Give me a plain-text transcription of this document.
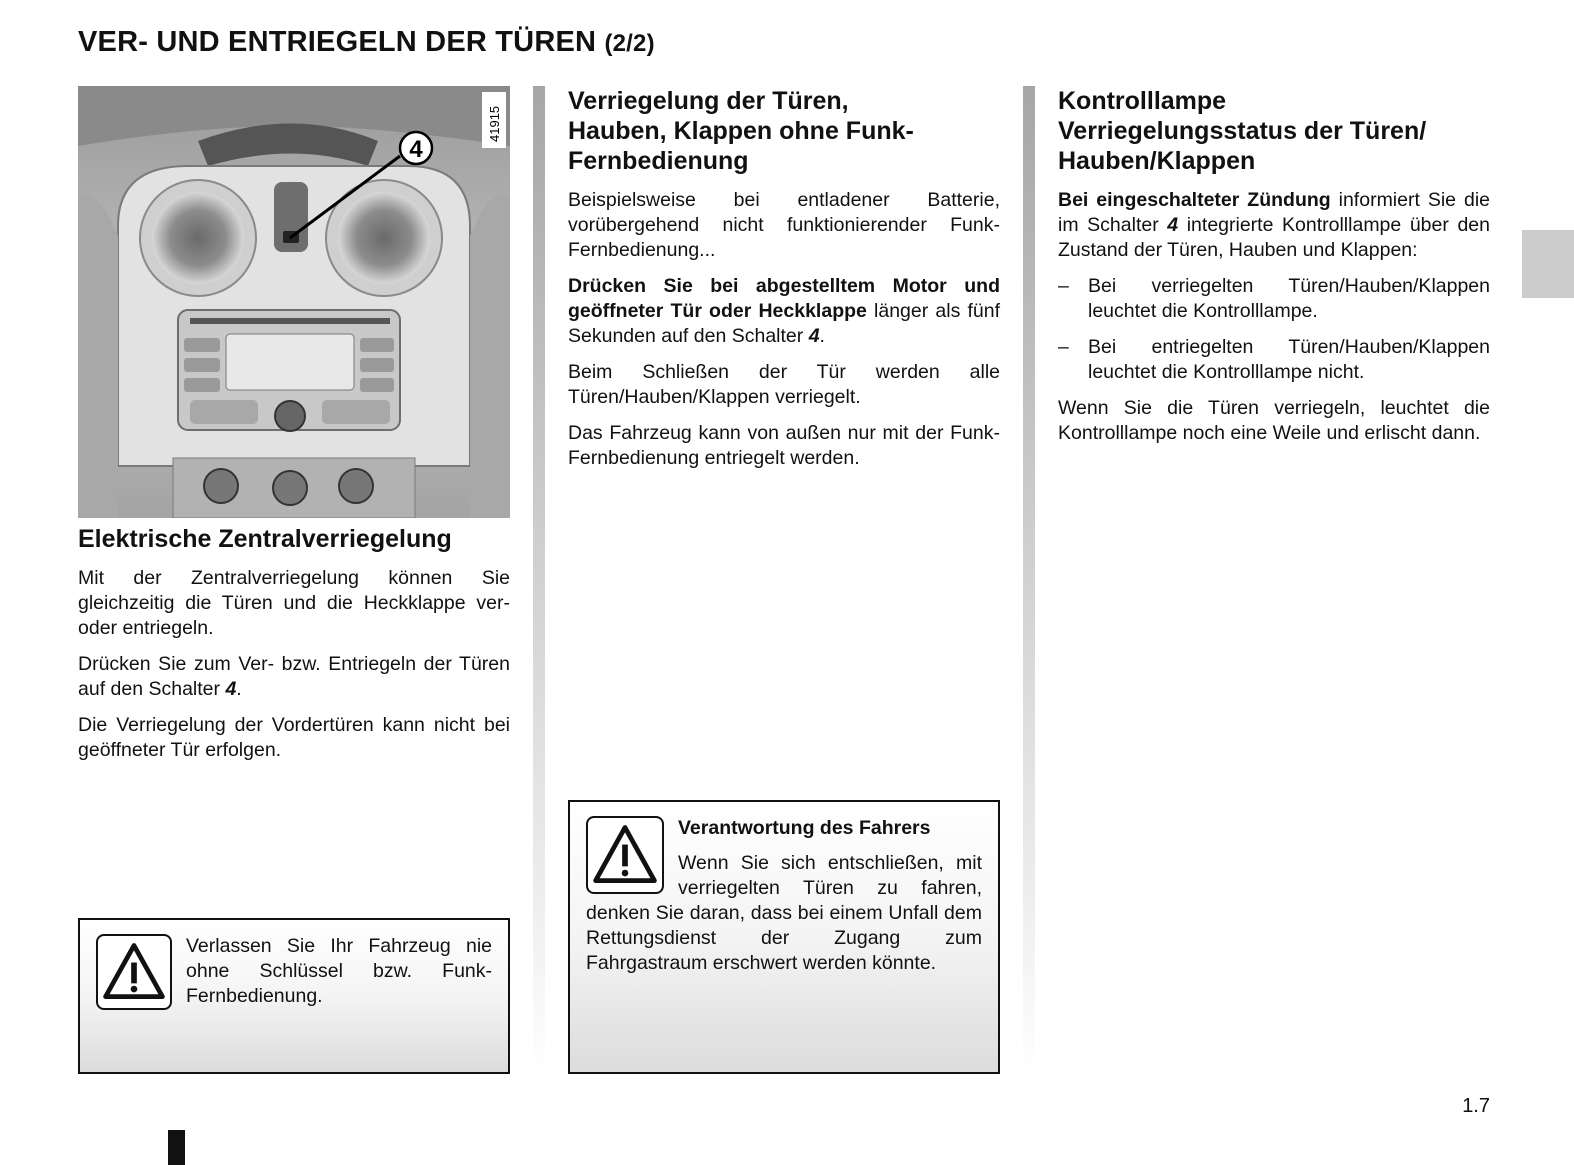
VER- UND ENTRIEGELN DER TÜREN (2/2)
4
41915
Elektrische Zentralverriegelung

Mit der Zentralverriegelung können Sie gleichzeitig die Türen und die Heckklappe ver- oder entriegeln.

Drücken Sie zum Ver- bzw. Entriegeln der Türen auf den Schalter 4.

Die Verriegelung der Vordertüren kann nicht bei geöffneter Tür erfolgen.

Verlassen Sie Ihr Fahrzeug nie ohne Schlüssel bzw. Funk-Fernbedienung.

Verriegelung der Türen,
Hauben, Klappen ohne Funk-
Fernbedienung

Beispielsweise bei entladener Batterie, vorübergehend nicht funktionierender Funk-Fernbedienung...

Drücken Sie bei abgestelltem Motor und geöffneter Tür oder Heckklappe länger als fünf Sekunden auf den Schalter 4.

Beim Schließen der Tür werden alle Türen/Hauben/Klappen verriegelt.

Das Fahrzeug kann von außen nur mit der Funk-Fernbedienung entriegelt werden.

Verantwortung des Fahrers

Wenn Sie sich entschließen, mit verriegelten Türen zu fahren, denken Sie daran, dass bei einem Unfall dem Rettungsdienst der Zugang zum Fahrgastraum erschwert werden könnte.

Kontrolllampe
Verriegelungsstatus der Türen/
Hauben/Klappen

Bei eingeschalteter Zündung informiert Sie die im Schalter 4 integrierte Kontrolllampe über den Zustand der Türen, Hauben und Klappen:

– Bei verriegelten Türen/Hauben/Klappen leuchtet die Kontrolllampe.
– Bei entriegelten Türen/Hauben/Klappen leuchtet die Kontrolllampe nicht.

Wenn Sie die Türen verriegeln, leuchtet die Kontrolllampe noch eine Weile und erlischt dann.

1.7
